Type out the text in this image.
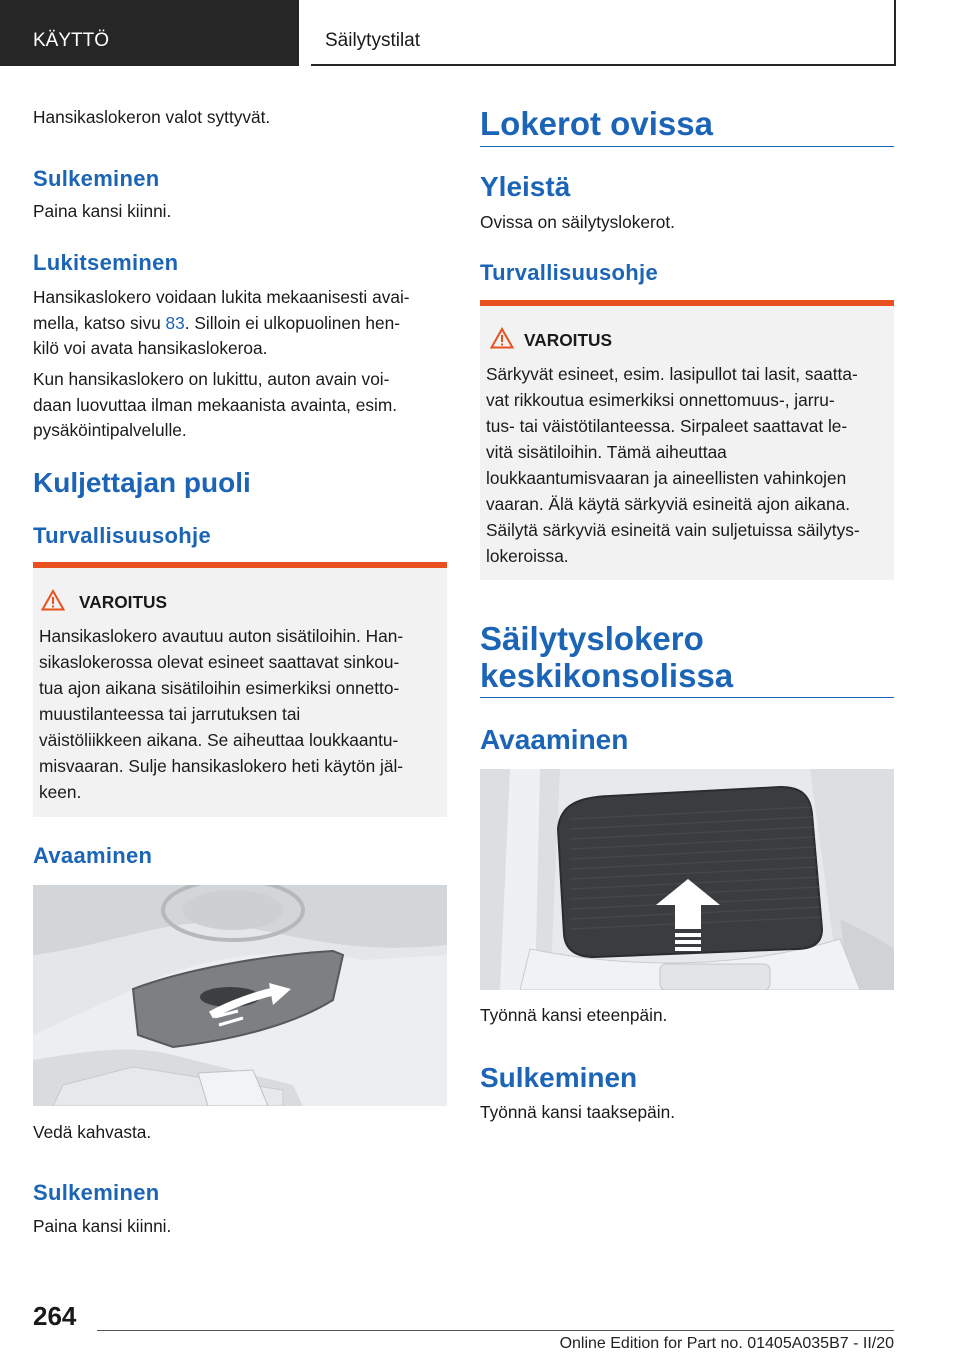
KÄYTTÖ	Säilytystilat
Hansikaslokeron valot syttyvät.
Sulkeminen
Paina kansi kiinni.
Lukitseminen
Hansikaslokero voidaan lukita mekaanisesti avai-
mella, katso sivu 83. Silloin ei ulkopuolinen hen-
kilö voi avata hansikaslokeroa.
Kun hansikaslokero on lukittu, auton avain voi-
daan luovuttaa ilman mekaanista avainta, esim.
pysäköintipalvelulle.
Kuljettajan puoli
Turvallisuusohje
VAROITUS
Hansikaslokero avautuu auton sisätiloihin. Han-
sikaslokerossa olevat esineet saattavat sinkou-
tua ajon aikana sisätiloihin esimerkiksi onnetto-
muustilanteessa tai jarrutuksen tai
väistöliikkeen aikana. Se aiheuttaa loukkaantu-
misvaaran. Sulje hansikaslokero heti käytön jäl-
keen.
Avaaminen
Vedä kahvasta.
Sulkeminen
Paina kansi kiinni.
Lokerot ovissa
Yleistä
Ovissa on säilytyslokerot.
Turvallisuusohje
VAROITUS
Särkyvät esineet, esim. lasipullot tai lasit, saatta-
vat rikkoutua esimerkiksi onnettomuus-, jarru-
tus- tai väistötilanteessa. Sirpaleet saattavat le-
vitä sisätiloihin. Tämä aiheuttaa
loukkaantumisvaaran ja aineellisten vahinkojen
vaaran. Älä käytä särkyviä esineitä ajon aikana.
Säilytä särkyviä esineitä vain suljetuissa säilytys-
lokeroissa.
Säilytyslokero
keskikonsolissa
Avaaminen
Työnnä kansi eteenpäin.
Sulkeminen
Työnnä kansi taaksepäin.
264
Online Edition for Part no. 01405A035B7 - II/20
